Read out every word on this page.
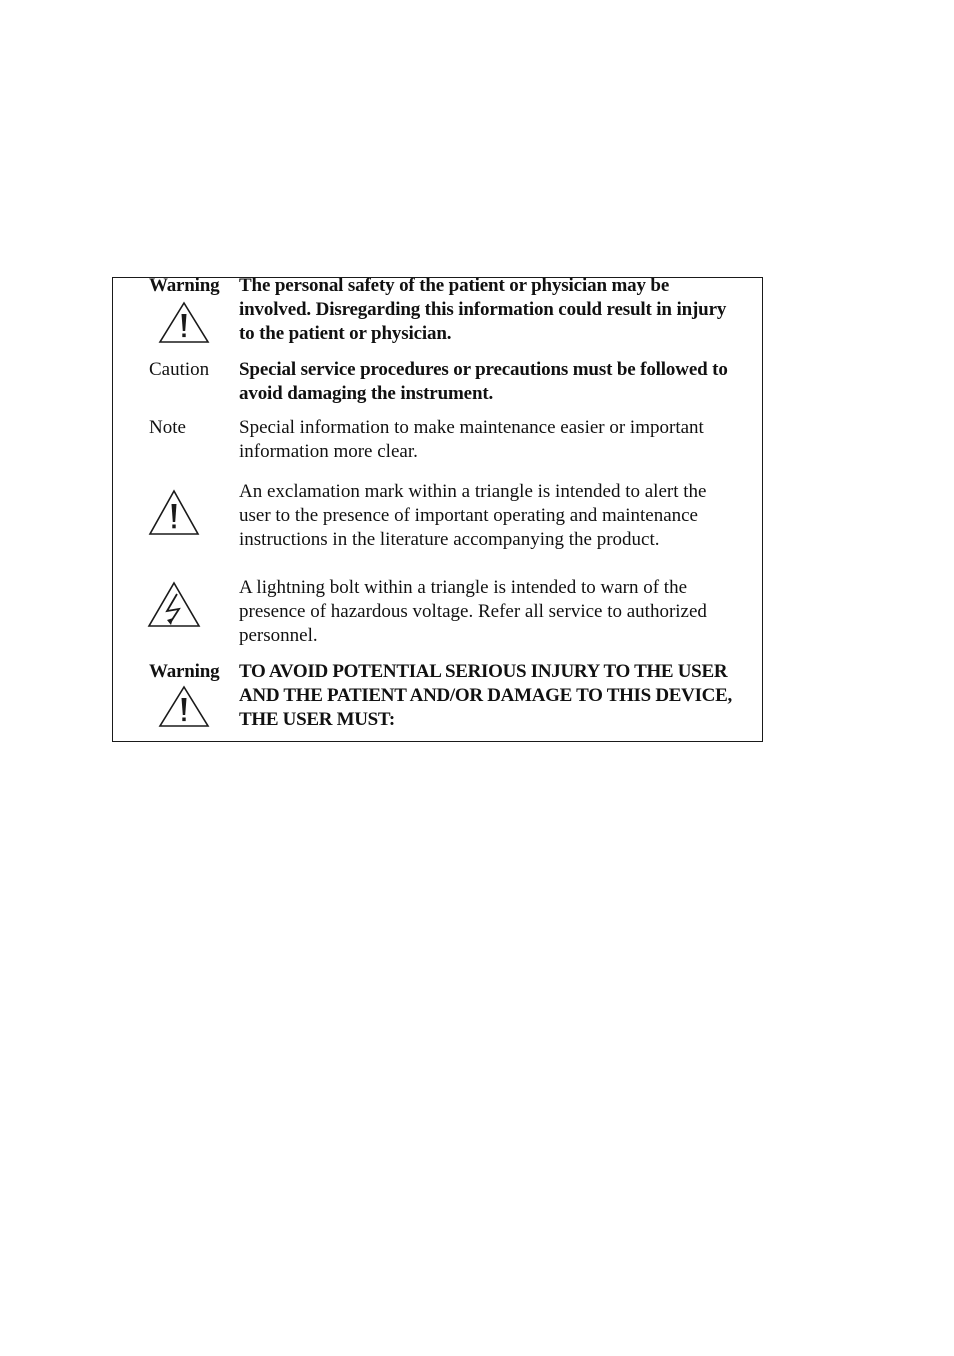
Warning	The personal safety of the patient or physician may be
involved. Disregarding this information could result in injury
to the patient or physician.
Caution	Special service procedures or precautions must be followed to
avoid damaging the instrument.
Note	Special information to make maintenance easier or important
information more clear.
An exclamation mark within a triangle is intended to alert the
user to the presence of important operating and maintenance
instructions in the literature accompanying the product.
A lightning bolt within a triangle is intended to warn of the
presence of hazardous voltage. Refer all service to authorized
personnel.
Warning	TO AVOID POTENTIAL SERIOUS INJURY TO THE USER
AND THE PATIENT AND/OR DAMAGE TO THIS DEVICE,
THE USER MUST:
